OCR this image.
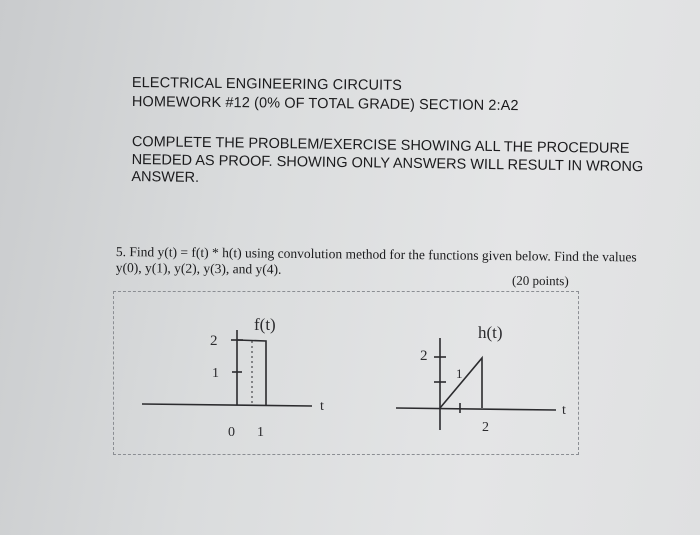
ELECTRICAL ENGINEERING CIRCUITS
HOMEWORK #12 (0% OF TOTAL GRADE) SECTION 2:A2
COMPLETE THE PROBLEM/EXERCISE SHOWING ALL THE PROCEDURE NEEDED AS PROOF. SHOWING ONLY ANSWERS WILL RESULT IN WRONG ANSWER.
5. Find y(t) = f(t) * h(t) using convolution method for the functions given below. Find the values y(0), y(1), y(2), y(3), and y(4).
(20 points)
f(t)
2
1
0 1
t
h(t)
2
1
2
t
